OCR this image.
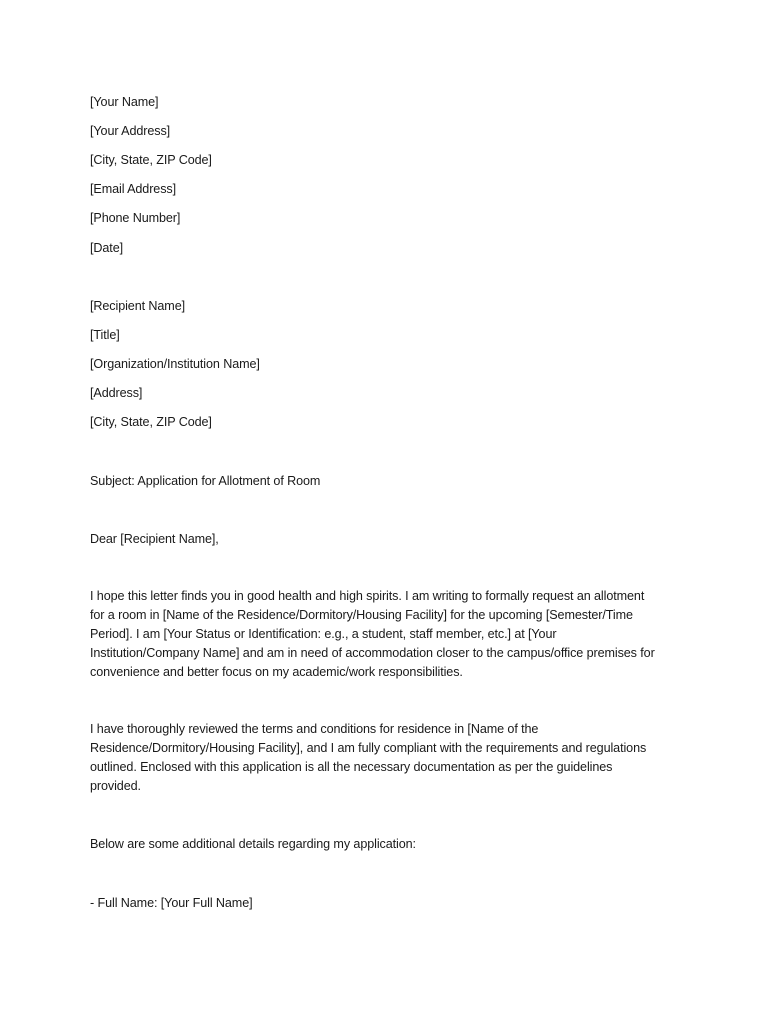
[Your Name]
[Your Address]
[City, State, ZIP Code]
[Email Address]
[Phone Number]
[Date]
[Recipient Name]
[Title]
[Organization/Institution Name]
[Address]
[City, State, ZIP Code]
Subject: Application for Allotment of Room
Dear [Recipient Name],
I hope this letter finds you in good health and high spirits. I am writing to formally request an allotment
for a room in [Name of the Residence/Dormitory/Housing Facility] for the upcoming [Semester/Time
Period]. I am [Your Status or Identification: e.g., a student, staff member, etc.] at [Your
Institution/Company Name] and am in need of accommodation closer to the campus/office premises for
convenience and better focus on my academic/work responsibilities.
I have thoroughly reviewed the terms and conditions for residence in [Name of the
Residence/Dormitory/Housing Facility], and I am fully compliant with the requirements and regulations
outlined. Enclosed with this application is all the necessary documentation as per the guidelines
provided.
Below are some additional details regarding my application:
- Full Name: [Your Full Name]
